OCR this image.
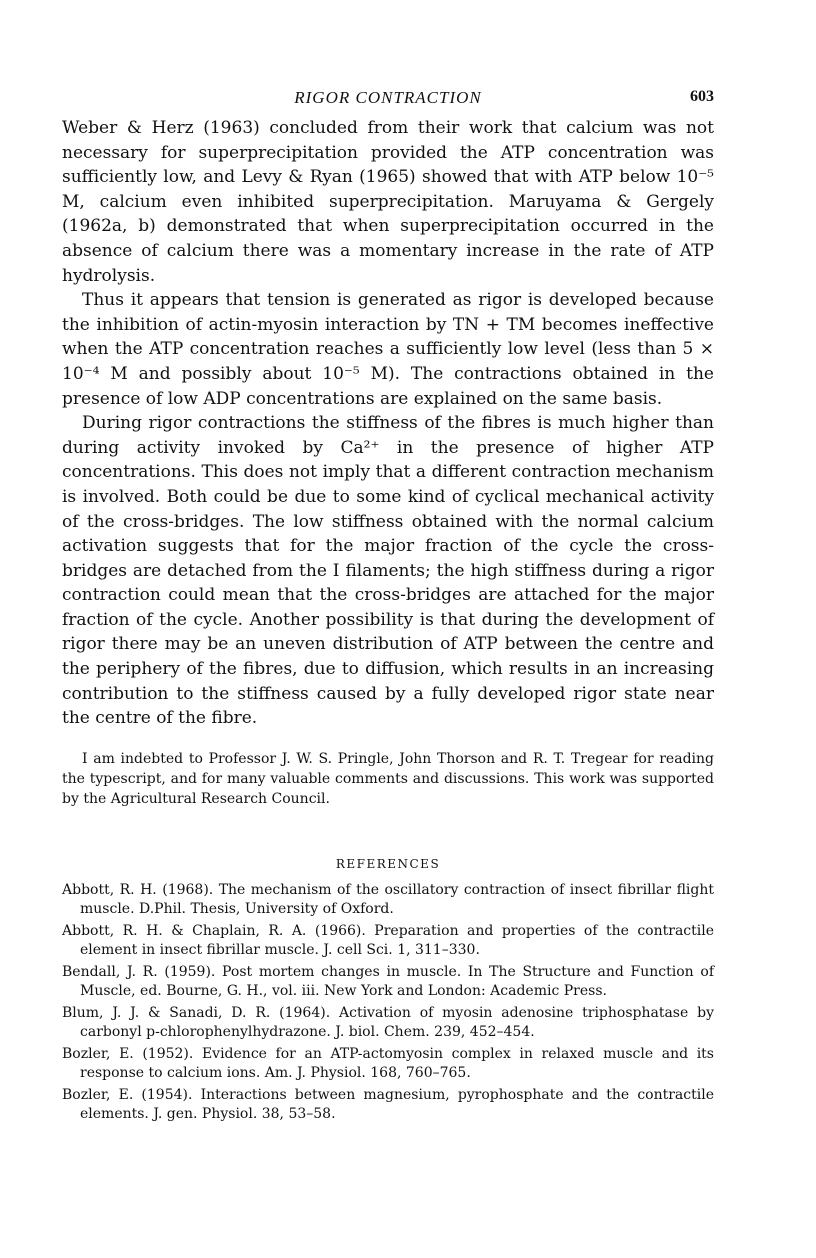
RIGOR CONTRACTION	603

Weber & Herz (1963) concluded from their work that calcium was not necessary for superprecipitation provided the ATP concentration was sufficiently low, and Levy & Ryan (1965) showed that with ATP below 10⁻⁵ M, calcium even inhibited superprecipitation. Maruyama & Gergely (1962a, b) demonstrated that when superprecipitation occurred in the absence of calcium there was a momentary increase in the rate of ATP hydrolysis.

Thus it appears that tension is generated as rigor is developed because the inhibition of actin-myosin interaction by TN + TM becomes ineffective when the ATP concentration reaches a sufficiently low level (less than 5 × 10⁻⁴ M and possibly about 10⁻⁵ M). The contractions obtained in the presence of low ADP concentrations are explained on the same basis.

During rigor contractions the stiffness of the fibres is much higher than during activity invoked by Ca²⁺ in the presence of higher ATP concentrations. This does not imply that a different contraction mechanism is involved. Both could be due to some kind of cyclical mechanical activity of the cross-bridges. The low stiffness obtained with the normal calcium activation suggests that for the major fraction of the cycle the cross-bridges are detached from the I filaments; the high stiffness during a rigor contraction could mean that the cross-bridges are attached for the major fraction of the cycle. Another possibility is that during the development of rigor there may be an uneven distribution of ATP between the centre and the periphery of the fibres, due to diffusion, which results in an increasing contribution to the stiffness caused by a fully developed rigor state near the centre of the fibre.

I am indebted to Professor J. W. S. Pringle, John Thorson and R. T. Tregear for reading the typescript, and for many valuable comments and discussions. This work was supported by the Agricultural Research Council.

REFERENCES
Abbott, R. H. (1968). The mechanism of the oscillatory contraction of insect fibrillar flight muscle. D.Phil. Thesis, University of Oxford.
Abbott, R. H. & Chaplain, R. A. (1966). Preparation and properties of the contractile element in insect fibrillar muscle. J. cell Sci. 1, 311–330.
Bendall, J. R. (1959). Post mortem changes in muscle. In The Structure and Function of Muscle, ed. Bourne, G. H., vol. iii. New York and London: Academic Press.
Blum, J. J. & Sanadi, D. R. (1964). Activation of myosin adenosine triphosphatase by carbonyl p-chlorophenylhydrazone. J. biol. Chem. 239, 452–454.
Bozler, E. (1952). Evidence for an ATP-actomyosin complex in relaxed muscle and its response to calcium ions. Am. J. Physiol. 168, 760–765.
Bozler, E. (1954). Interactions between magnesium, pyrophosphate and the contractile elements. J. gen. Physiol. 38, 53–58.
